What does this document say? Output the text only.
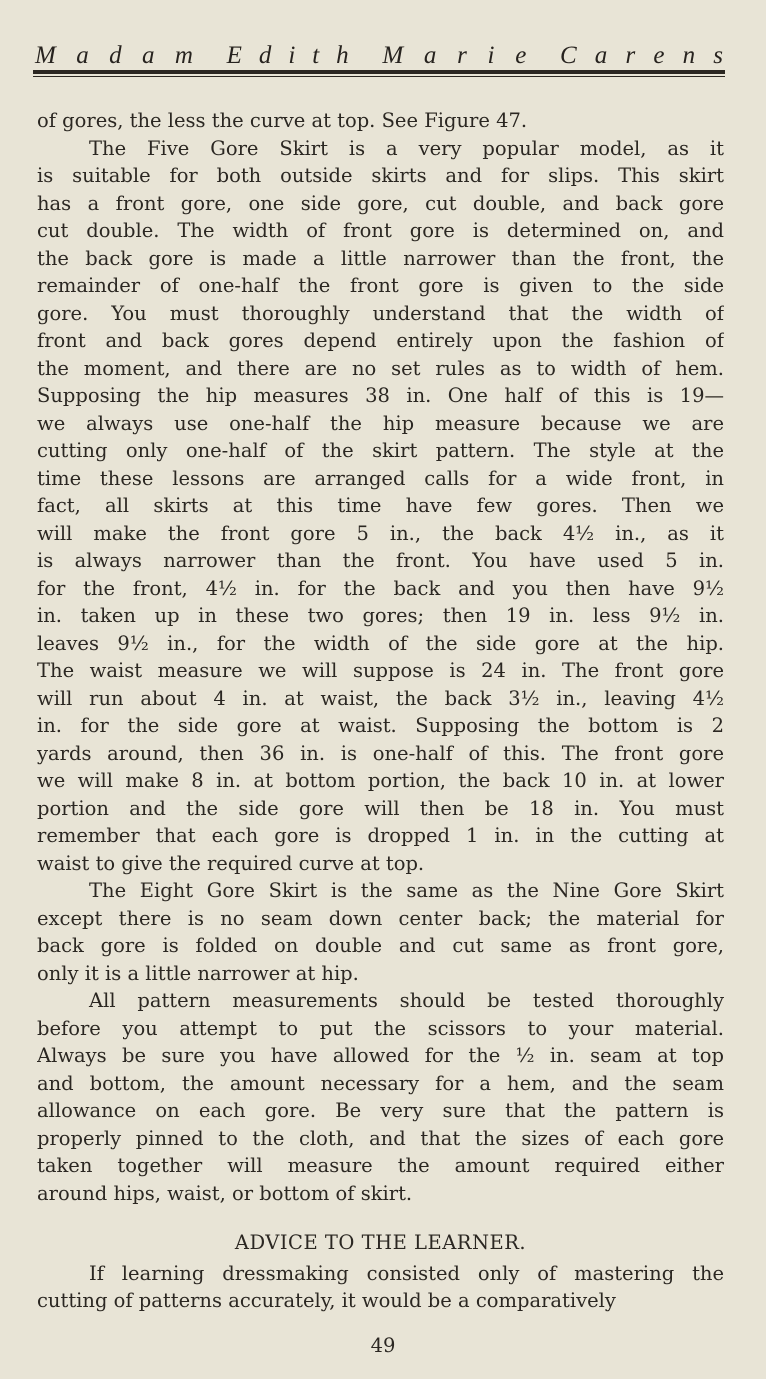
M a d a m E d i t h M a r i e C a r e n s
of gores, the less the curve at top. See Figure 47.
The Five Gore Skirt is a very popular model, as it
is suitable for both outside skirts and for slips. This skirt
has a front gore, one side gore, cut double, and back gore
cut double. The width of front gore is determined on, and
the back gore is made a little narrower than the front, the
remainder of one-half the front gore is given to the side
gore. You must thoroughly understand that the width of
front and back gores depend entirely upon the fashion of
the moment, and there are no set rules as to width of hem.
Supposing the hip measures 38 in. One half of this is 19—
we always use one-half the hip measure because we are
cutting only one-half of the skirt pattern. The style at the
time these lessons are arranged calls for a wide front, in
fact, all skirts at this time have few gores. Then we
will make the front gore 5 in., the back 4½ in., as it
is always narrower than the front. You have used 5 in.
for the front, 4½ in. for the back and you then have 9½
in. taken up in these two gores; then 19 in. less 9½ in.
leaves 9½ in., for the width of the side gore at the hip.
The waist measure we will suppose is 24 in. The front gore
will run about 4 in. at waist, the back 3½ in., leaving 4½
in. for the side gore at waist. Supposing the bottom is 2
yards around, then 36 in. is one-half of this. The front gore
we will make 8 in. at bottom portion, the back 10 in. at lower
portion and the side gore will then be 18 in. You must
remember that each gore is dropped 1 in. in the cutting at
waist to give the required curve at top.
The Eight Gore Skirt is the same as the Nine Gore Skirt
except there is no seam down center back; the material for
back gore is folded on double and cut same as front gore,
only it is a little narrower at hip.
All pattern measurements should be tested thoroughly
before you attempt to put the scissors to your material.
Always be sure you have allowed for the ½ in. seam at top
and bottom, the amount necessary for a hem, and the seam
allowance on each gore. Be very sure that the pattern is
properly pinned to the cloth, and that the sizes of each gore
taken together will measure the amount required either
around hips, waist, or bottom of skirt.
ADVICE TO THE LEARNER.
If learning dressmaking consisted only of mastering the
cutting of patterns accurately, it would be a comparatively
49
